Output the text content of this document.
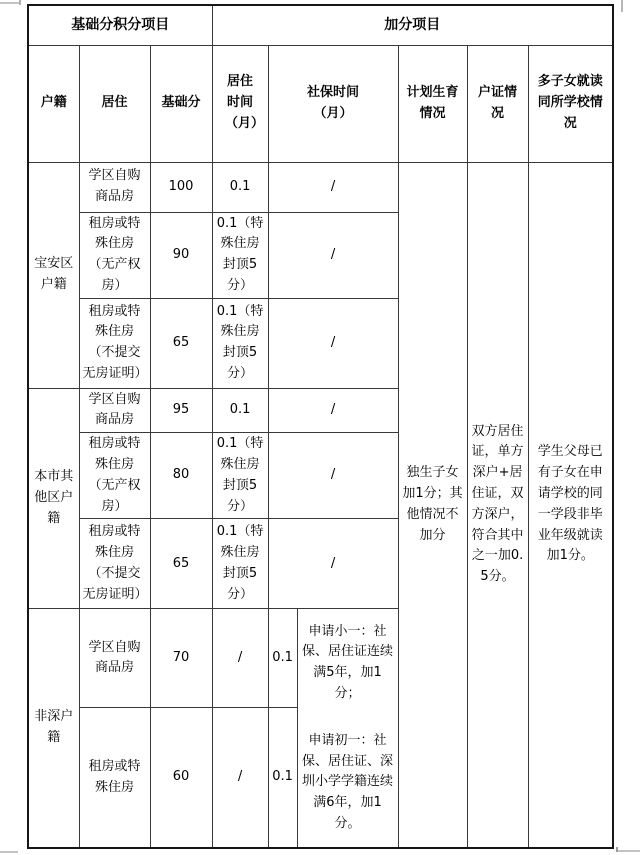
基础分积分项目			加分项目					
户籍	居住	基础分	居住时间（月）	社保时间（月）		计划生育情况	户证情况	多子女就读同所学校情况
宝安区户籍	学区自购商品房	100	0.1	/		独生子女加1分；其他情况不加分	双方居住证，单方深户+居住证，双方深户，符合其中之一加0.5分。	学生父母已有子女在申请学校的同一学段非毕业年级就读加1分。
	租房或特殊住房（无产权房）	90	0.1（特殊住房封顶5分）	/				
	租房或特殊住房（不提交无房证明）	65	0.1（特殊住房封顶5分）	/				
本市其他区户籍	学区自购商品房	95	0.1	/				
	租房或特殊住房（无产权房）	80	0.1（特殊住房封顶5分）	/				
	租房或特殊住房（不提交无房证明）	65	0.1（特殊住房封顶5分）	/				
非深户籍	学区自购商品房	70	/	0.1	申请小一：社保、居住证连续满5年，加1分；

申请初一：社保、居住证、深圳小学学籍连续满6年，加1分。			

	租房或特殊住房	60	/	0.1				
